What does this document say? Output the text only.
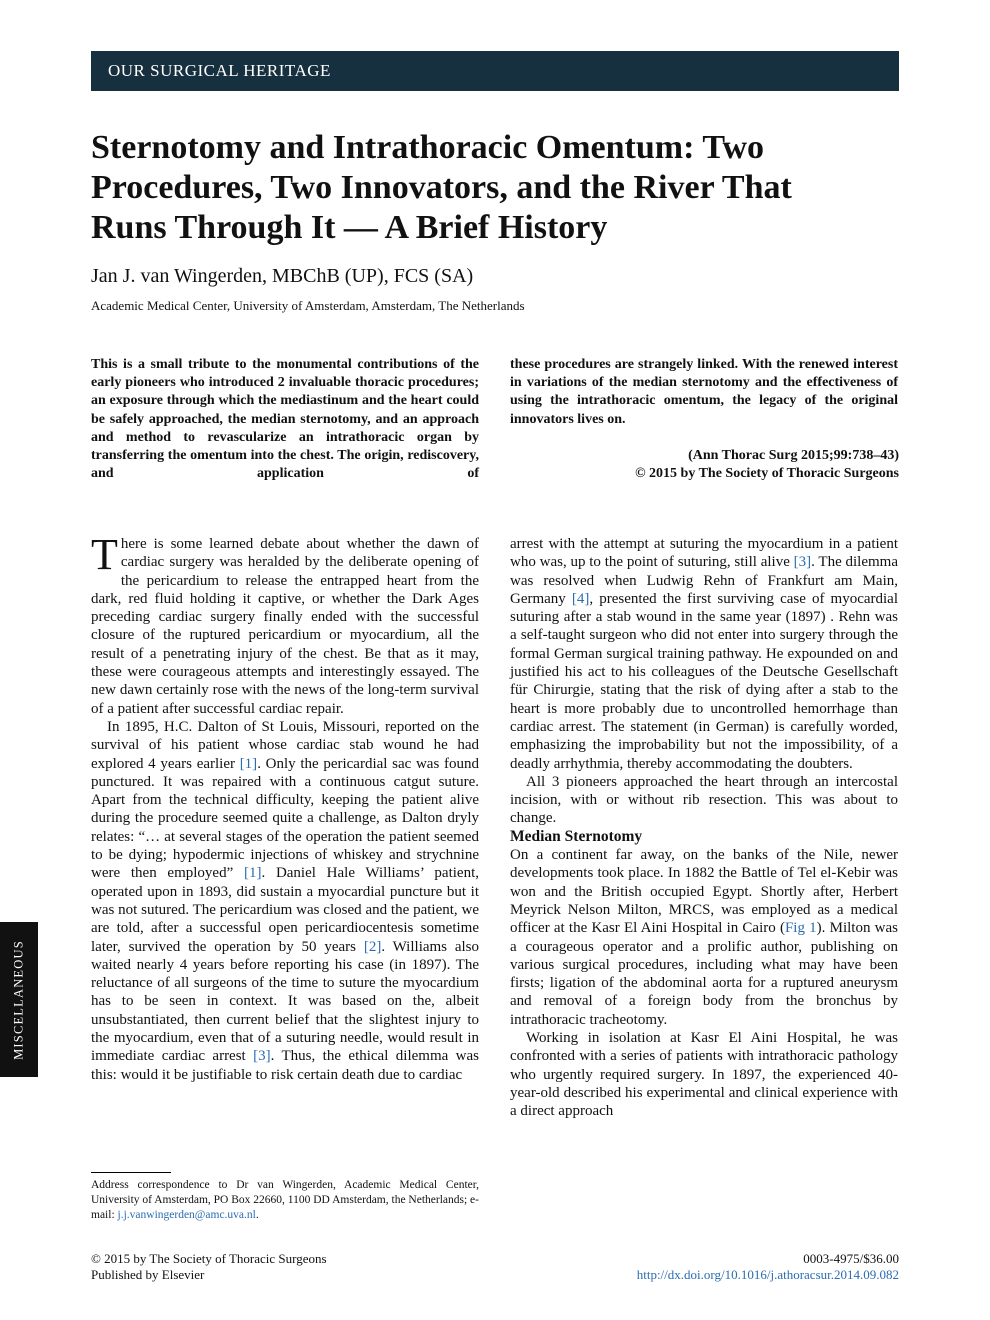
OUR SURGICAL HERITAGE
Sternotomy and Intrathoracic Omentum: Two Procedures, Two Innovators, and the River That Runs Through It — A Brief History

Jan J. van Wingerden, MBChB (UP), FCS (SA)

Academic Medical Center, University of Amsterdam, Amsterdam, The Netherlands

This is a small tribute to the monumental contributions of the early pioneers who introduced 2 invaluable thoracic procedures; an exposure through which the mediastinum and the heart could be safely approached, the median sternotomy, and an approach and method to revascularize an intrathoracic organ by transferring the omentum into the chest. The origin, rediscovery, and application of

these procedures are strangely linked. With the renewed interest in variations of the median sternotomy and the effectiveness of using the intrathoracic omentum, the legacy of the original innovators lives on.

(Ann Thorac Surg 2015;99:738–43)
© 2015 by The Society of Thoracic Surgeons

There is some learned debate about whether the dawn of cardiac surgery was heralded by the deliberate opening of the pericardium to release the entrapped heart from the dark, red fluid holding it captive, or whether the Dark Ages preceding cardiac surgery finally ended with the successful closure of the ruptured pericardium or myocardium, all the result of a penetrating injury of the chest. Be that as it may, these were courageous attempts and interestingly essayed. The new dawn certainly rose with the news of the long-term survival of a patient after successful cardiac repair.

In 1895, H.C. Dalton of St Louis, Missouri, reported on the survival of his patient whose cardiac stab wound he had explored 4 years earlier [1]. Only the pericardial sac was found punctured. It was repaired with a continuous catgut suture. Apart from the technical difficulty, keeping the patient alive during the procedure seemed quite a challenge, as Dalton dryly relates: “… at several stages of the operation the patient seemed to be dying; hypodermic injections of whiskey and strychnine were then employed” [1]. Daniel Hale Williams’ patient, operated upon in 1893, did sustain a myocardial puncture but it was not sutured. The pericardium was closed and the patient, we are told, after a successful open pericardiocentesis sometime later, survived the operation by 50 years [2]. Williams also waited nearly 4 years before reporting his case (in 1897). The reluctance of all surgeons of the time to suture the myocardium has to be seen in context. It was based on the, albeit unsubstantiated, then current belief that the slightest injury to the myocardium, even that of a suturing needle, would result in immediate cardiac arrest [3]. Thus, the ethical dilemma was this: would it be justifiable to risk certain death due to cardiac

arrest with the attempt at suturing the myocardium in a patient who was, up to the point of suturing, still alive [3]. The dilemma was resolved when Ludwig Rehn of Frankfurt am Main, Germany [4], presented the first surviving case of myocardial suturing after a stab wound in the same year (1897) . Rehn was a self-taught surgeon who did not enter into surgery through the formal German surgical training pathway. He expounded on and justified his act to his colleagues of the Deutsche Gesellschaft für Chirurgie, stating that the risk of dying after a stab to the heart is more probably due to uncontrolled hemorrhage than cardiac arrest. The statement (in German) is carefully worded, emphasizing the improbability but not the impossibility, of a deadly arrhythmia, thereby accommodating the doubters.

All 3 pioneers approached the heart through an intercostal incision, with or without rib resection. This was about to change.

Median Sternotomy

On a continent far away, on the banks of the Nile, newer developments took place. In 1882 the Battle of Tel el-Kebir was won and the British occupied Egypt. Shortly after, Herbert Meyrick Nelson Milton, MRCS, was employed as a medical officer at the Kasr El Aini Hospital in Cairo (Fig 1). Milton was a courageous operator and a prolific author, publishing on various surgical procedures, including what may have been firsts; ligation of the abdominal aorta for a ruptured aneurysm and removal of a foreign body from the bronchus by intrathoracic tracheotomy.

Working in isolation at Kasr El Aini Hospital, he was confronted with a series of patients with intrathoracic pathology who urgently required surgery. In 1897, the experienced 40-year-old described his experimental and clinical experience with a direct approach

Address correspondence to Dr van Wingerden, Academic Medical Center, University of Amsterdam, PO Box 22660, 1100 DD Amsterdam, the Netherlands; e-mail: j.j.vanwingerden@amc.uva.nl.

© 2015 by The Society of Thoracic Surgeons
Published by Elsevier
0003-4975/$36.00
http://dx.doi.org/10.1016/j.athoracsur.2014.09.082
MISCELLANEOUS
